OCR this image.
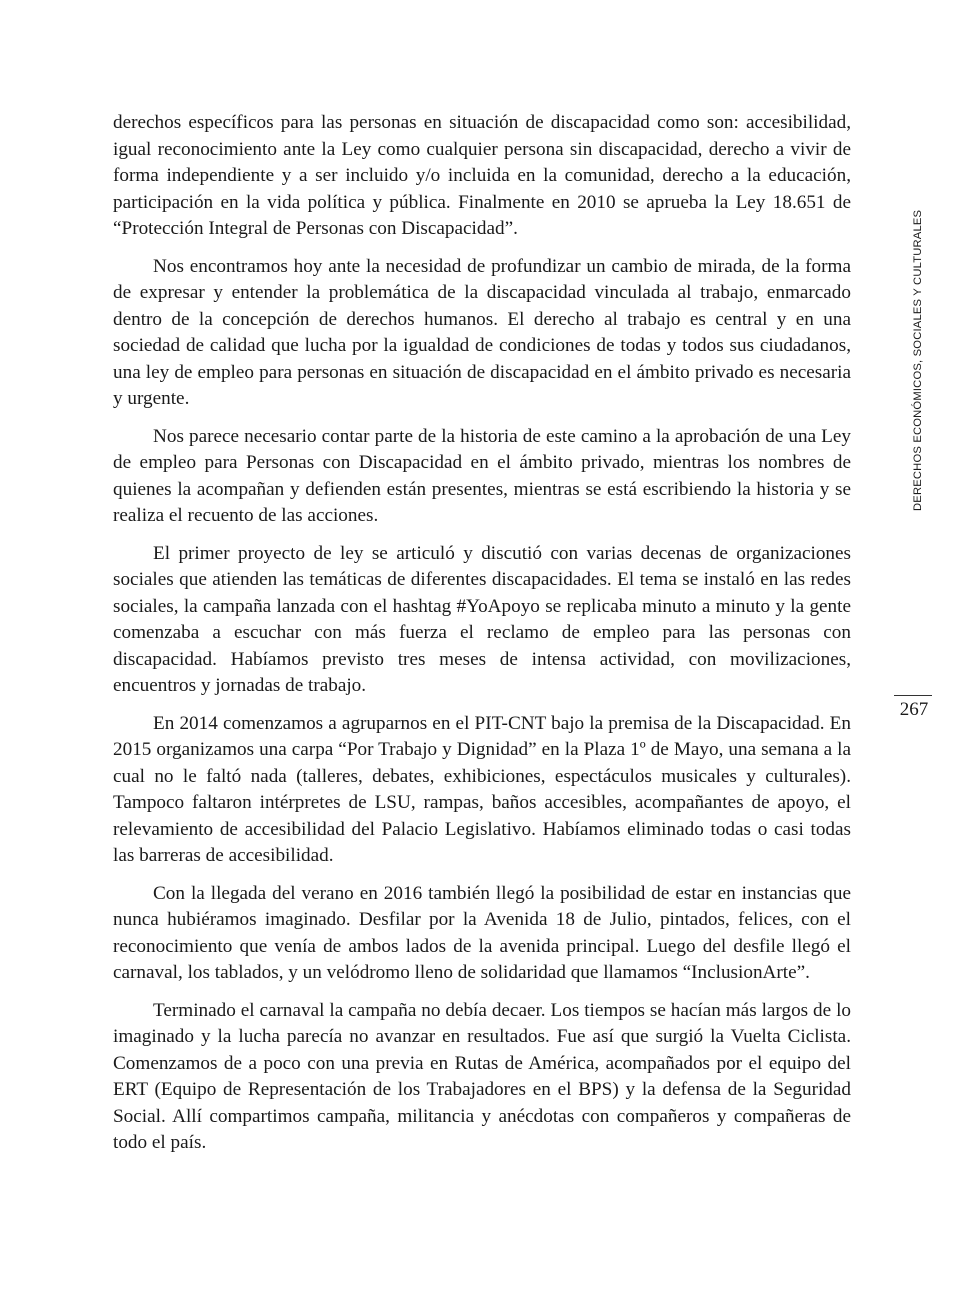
derechos específicos para las personas en situación de discapacidad como son: accesibilidad, igual reconocimiento ante la Ley como cualquier persona sin discapacidad, derecho a vivir de forma independiente y a ser incluido y/o incluida en la comunidad, derecho a la educación, participación en la vida política y pública. Finalmente en 2010 se aprueba la Ley 18.651 de “Protección Integral de Personas con Discapacidad”.

Nos encontramos hoy ante la necesidad de profundizar un cambio de mirada, de la forma de expresar y entender la problemática de la discapacidad vinculada al trabajo, enmarcado dentro de la concepción de derechos humanos. El derecho al trabajo es central y en una sociedad de calidad que lucha por la igualdad de condiciones de todas y todos sus ciudadanos, una ley de empleo para personas en situación de discapacidad en el ámbito privado es necesaria y urgente.

Nos parece necesario contar parte de la historia de este camino a la aprobación de una Ley de empleo para Personas con Discapacidad en el ámbito privado, mientras los nombres de quienes la acompañan y defienden están presentes, mientras se está escribiendo la historia y se realiza el recuento de las acciones.

El primer proyecto de ley se articuló y discutió con varias decenas de organizaciones sociales que atienden las temáticas de diferentes discapacidades. El tema se instaló en las redes sociales, la campaña lanzada con el hashtag #YoApoyo se replicaba minuto a minuto y la gente comenzaba a escuchar con más fuerza el reclamo de empleo para las personas con discapacidad. Habíamos previsto tres meses de intensa actividad, con movilizaciones, encuentros y jornadas de trabajo.

En 2014 comenzamos a agruparnos en el PIT-CNT bajo la premisa de la Discapacidad. En 2015 organizamos una carpa “Por Trabajo y Dignidad” en la Plaza 1º de Mayo, una semana a la cual no le faltó nada (talleres, debates, exhibiciones, espectáculos musicales y culturales). Tampoco faltaron intérpretes de LSU, rampas, baños accesibles, acompañantes de apoyo, el relevamiento de accesibilidad del Palacio Legislativo. Habíamos eliminado todas o casi todas las barreras de accesibilidad.

Con la llegada del verano en 2016 también llegó la posibilidad de estar en instancias que nunca hubiéramos imaginado. Desfilar por la Avenida 18 de Julio, pintados, felices, con el reconocimiento que venía de ambos lados de la avenida principal. Luego del desfile llegó el carnaval, los tablados, y un velódromo lleno de solidaridad que llamamos “InclusionArte”.

Terminado el carnaval la campaña no debía decaer. Los tiempos se hacían más largos de lo imaginado y la lucha parecía no avanzar en resultados. Fue así que surgió la Vuelta Ciclista. Comenzamos de a poco con una previa en Rutas de América, acompañados por el equipo del ERT (Equipo de Representación de los Trabajadores en el BPS) y la defensa de la Seguridad Social. Allí compartimos campaña, militancia y anécdotas con compañeros y compañeras de todo el país.

DERECHOS ECONÓMICOS, SOCIALES Y CULTURALES
267
